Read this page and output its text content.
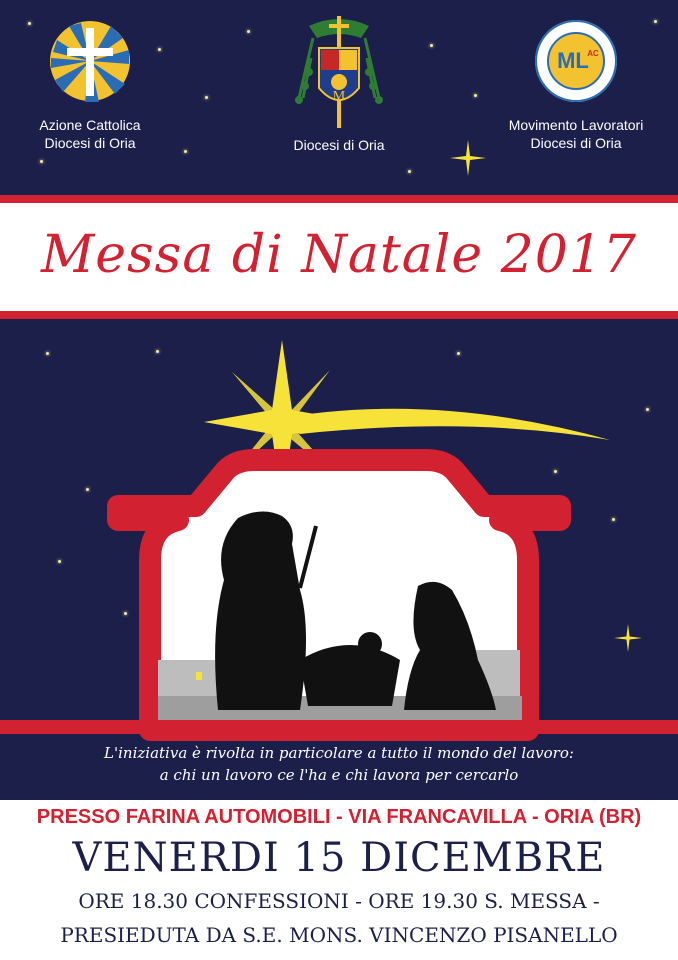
Azione Cattolica
Diocesi di Oria
M
Diocesi di Oria
ML
AC
Movimento Lavoratori
Diocesi di Oria
Messa di Natale 2017
L'iniziativa è rivolta in particolare a tutto il mondo del lavoro:
a chi un lavoro ce l'ha e chi lavora per cercarlo
PRESSO FARINA AUTOMOBILI - VIA FRANCAVILLA - ORIA (BR)
VENERDI 15 DICEMBRE
ORE 18.30 CONFESSIONI - ORE 19.30 S. MESSA -
PRESIEDUTA DA S.E. MONS. VINCENZO PISANELLO
